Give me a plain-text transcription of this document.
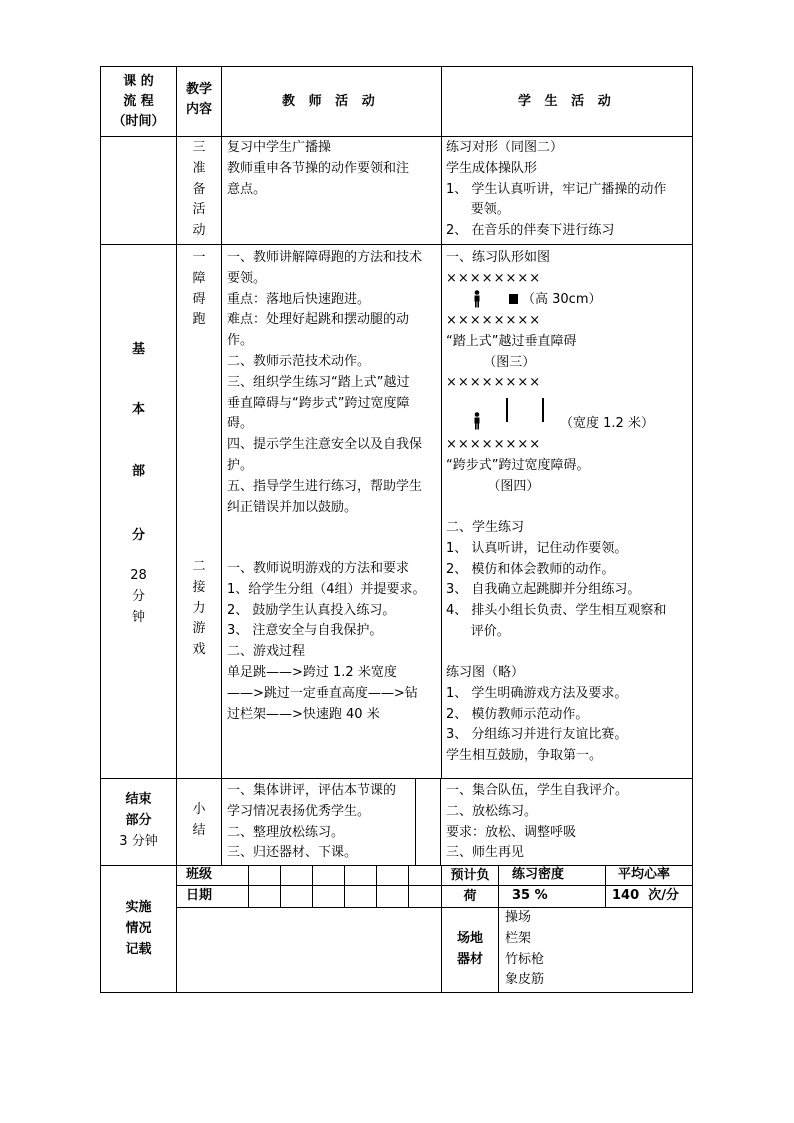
课 的
流 程
（时间）
教学
内容
教   师   活   动	学   生   活   动
三
准
备
活
动
复习中学生广播操
教师重申各节操的动作要领和注
意点。
练习对形（同图二）
学生成体操队形
1、 学生认真听讲，牢记广播操的动作
要领。
2、 在音乐的伴奏下进行练习
基
本
部
分
28
分
钟
一
障
碍
跑
二
接
力
游
戏
一、教师讲解障碍跑的方法和技术
要领。
重点：落地后快速跑进。
难点：处理好起跳和摆动腿的动
作。
二、教师示范技术动作。
三、组织学生练习“踏上式”越过
垂直障碍与“跨步式”跨过宽度障
碍。
四、提示学生注意安全以及自我保
护。
五、指导学生进行练习，帮助学生
纠正错误并加以鼓励。
一、教师说明游戏的方法和要求
1、给学生分组（4组）并提要求。
2、 鼓励学生认真投入练习。
3、 注意安全与自我保护。
二、游戏过程
单足跳——>跨过 1.2 米宽度
——>跳过一定垂直高度——>钻
过栏架——>快速跑 40 米
一、练习队形如图
××××××××
（高 30cm）
××××××××
“踏上式”越过垂直障碍
（图三）
××××××××
（宽度 1.2 米）
××××××××
“跨步式”跨过宽度障碍。
（图四）
二、学生练习
1、 认真听讲，记住动作要领。
2、 模仿和体会教师的动作。
3、 自我确立起跳脚并分组练习。
4、 排头小组长负责、学生相互观察和
评价。
练习图（略）
1、 学生明确游戏方法及要求。
2、 模仿教师示范动作。
3、 分组练习并进行友谊比赛。
学生相互鼓励，争取第一。
结束
部分
3 分钟
小
结
一、集体讲评，评估本节课的
学习情况表扬优秀学生。
二、整理放松练习。
三、归还器材、下课。
一、集合队伍，学生自我评介。
二、放松练习。
要求：放松、调整呼吸
三、师生再见
实施
情况
记载
班级
日期
预计负
荷
练习密度
35 %
平均心率
140  次/分
场地
器材
操场
栏架
竹标枪
象皮筋
